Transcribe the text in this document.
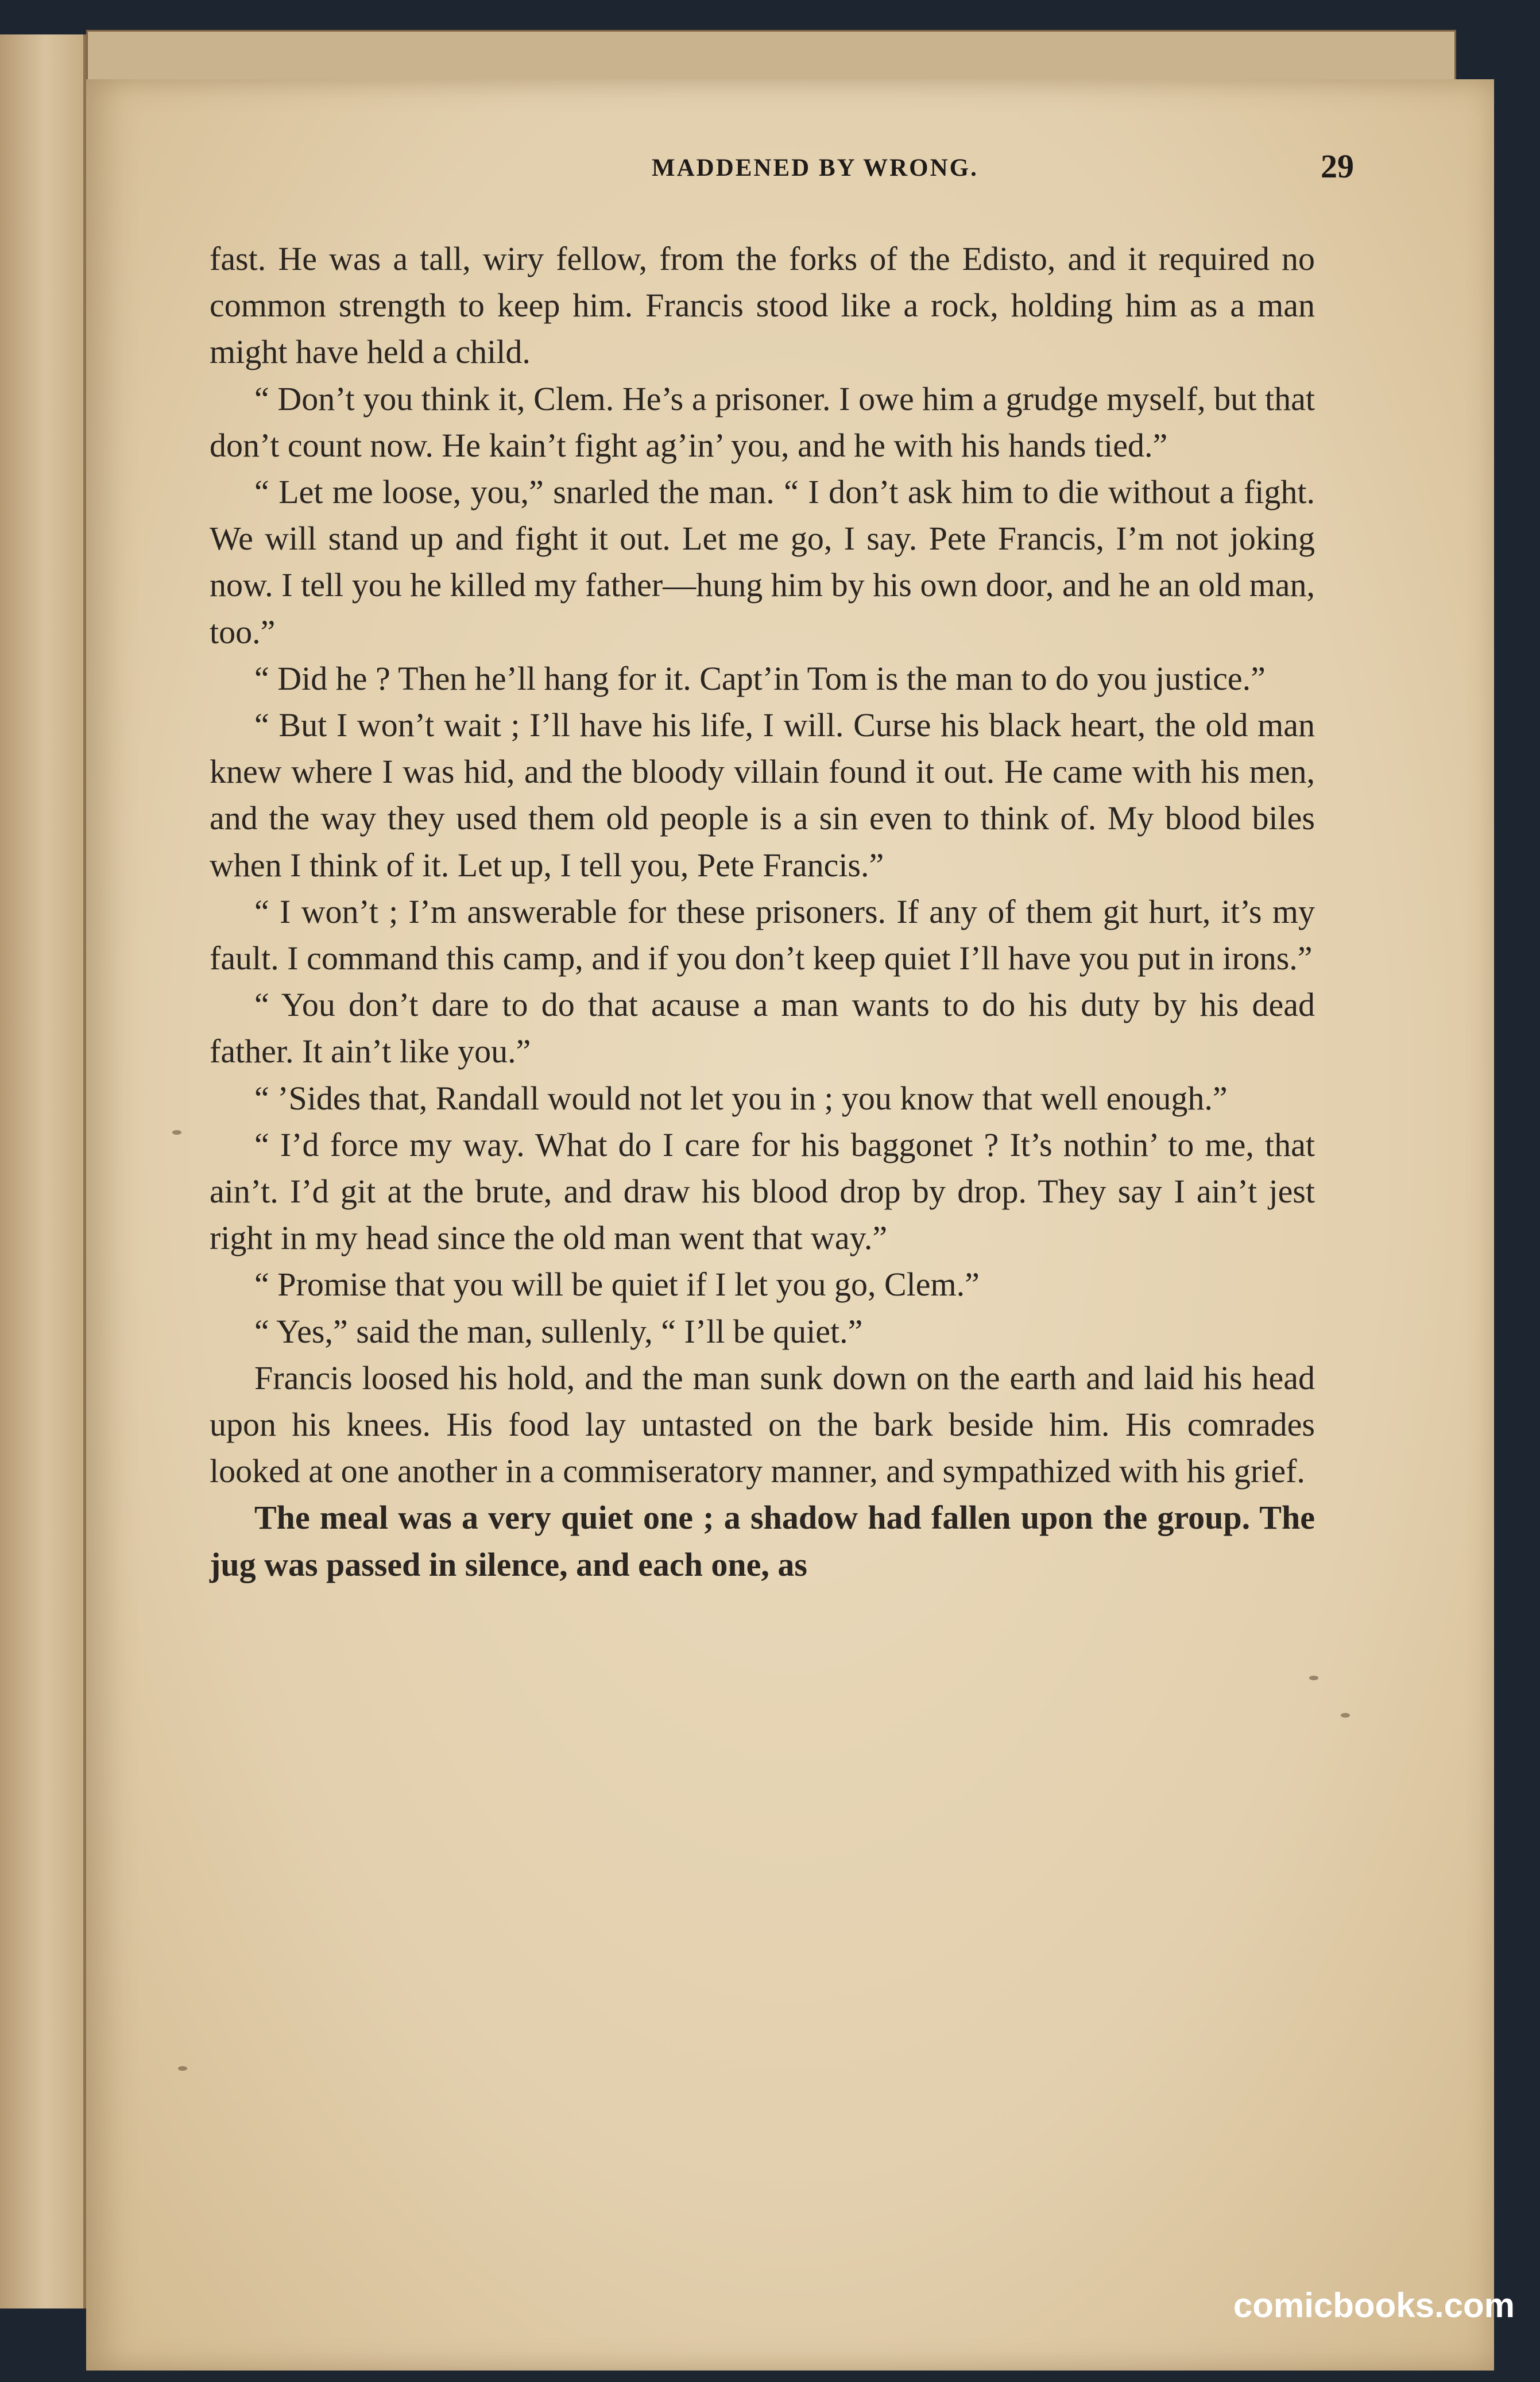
MADDENED BY WRONG.	29

fast. He was a tall, wiry fellow, from the forks of the Edisto, and it required no common strength to keep him. Francis stood like a rock, holding him as a man might have held a child.

“ Don’t you think it, Clem. He’s a prisoner. I owe him a grudge myself, but that don’t count now. He kain’t fight ag’in’ you, and he with his hands tied.”

“ Let me loose, you,” snarled the man. “ I don’t ask him to die without a fight. We will stand up and fight it out. Let me go, I say. Pete Francis, I’m not joking now. I tell you he killed my father—hung him by his own door, and he an old man, too.”

“ Did he ? Then he’ll hang for it. Capt’in Tom is the man to do you justice.”

“ But I won’t wait ; I’ll have his life, I will. Curse his black heart, the old man knew where I was hid, and the bloody villain found it out. He came with his men, and the way they used them old people is a sin even to think of. My blood biles when I think of it. Let up, I tell you, Pete Francis.”

“ I won’t ; I’m answerable for these prisoners. If any of them git hurt, it’s my fault. I command this camp, and if you don’t keep quiet I’ll have you put in irons.”

“ You don’t dare to do that acause a man wants to do his duty by his dead father. It ain’t like you.”

“ ’Sides that, Randall would not let you in ; you know that well enough.”

“ I’d force my way. What do I care for his baggonet ? It’s nothin’ to me, that ain’t. I’d git at the brute, and draw his blood drop by drop. They say I ain’t jest right in my head since the old man went that way.”

“ Promise that you will be quiet if I let you go, Clem.”

“ Yes,” said the man, sullenly, “ I’ll be quiet.”

Francis loosed his hold, and the man sunk down on the earth and laid his head upon his knees. His food lay untasted on the bark beside him. His comrades looked at one another in a commiseratory manner, and sympathized with his grief.

The meal was a very quiet one ; a shadow had fallen upon the group. The jug was passed in silence, and each one, as

comicbooks.com
